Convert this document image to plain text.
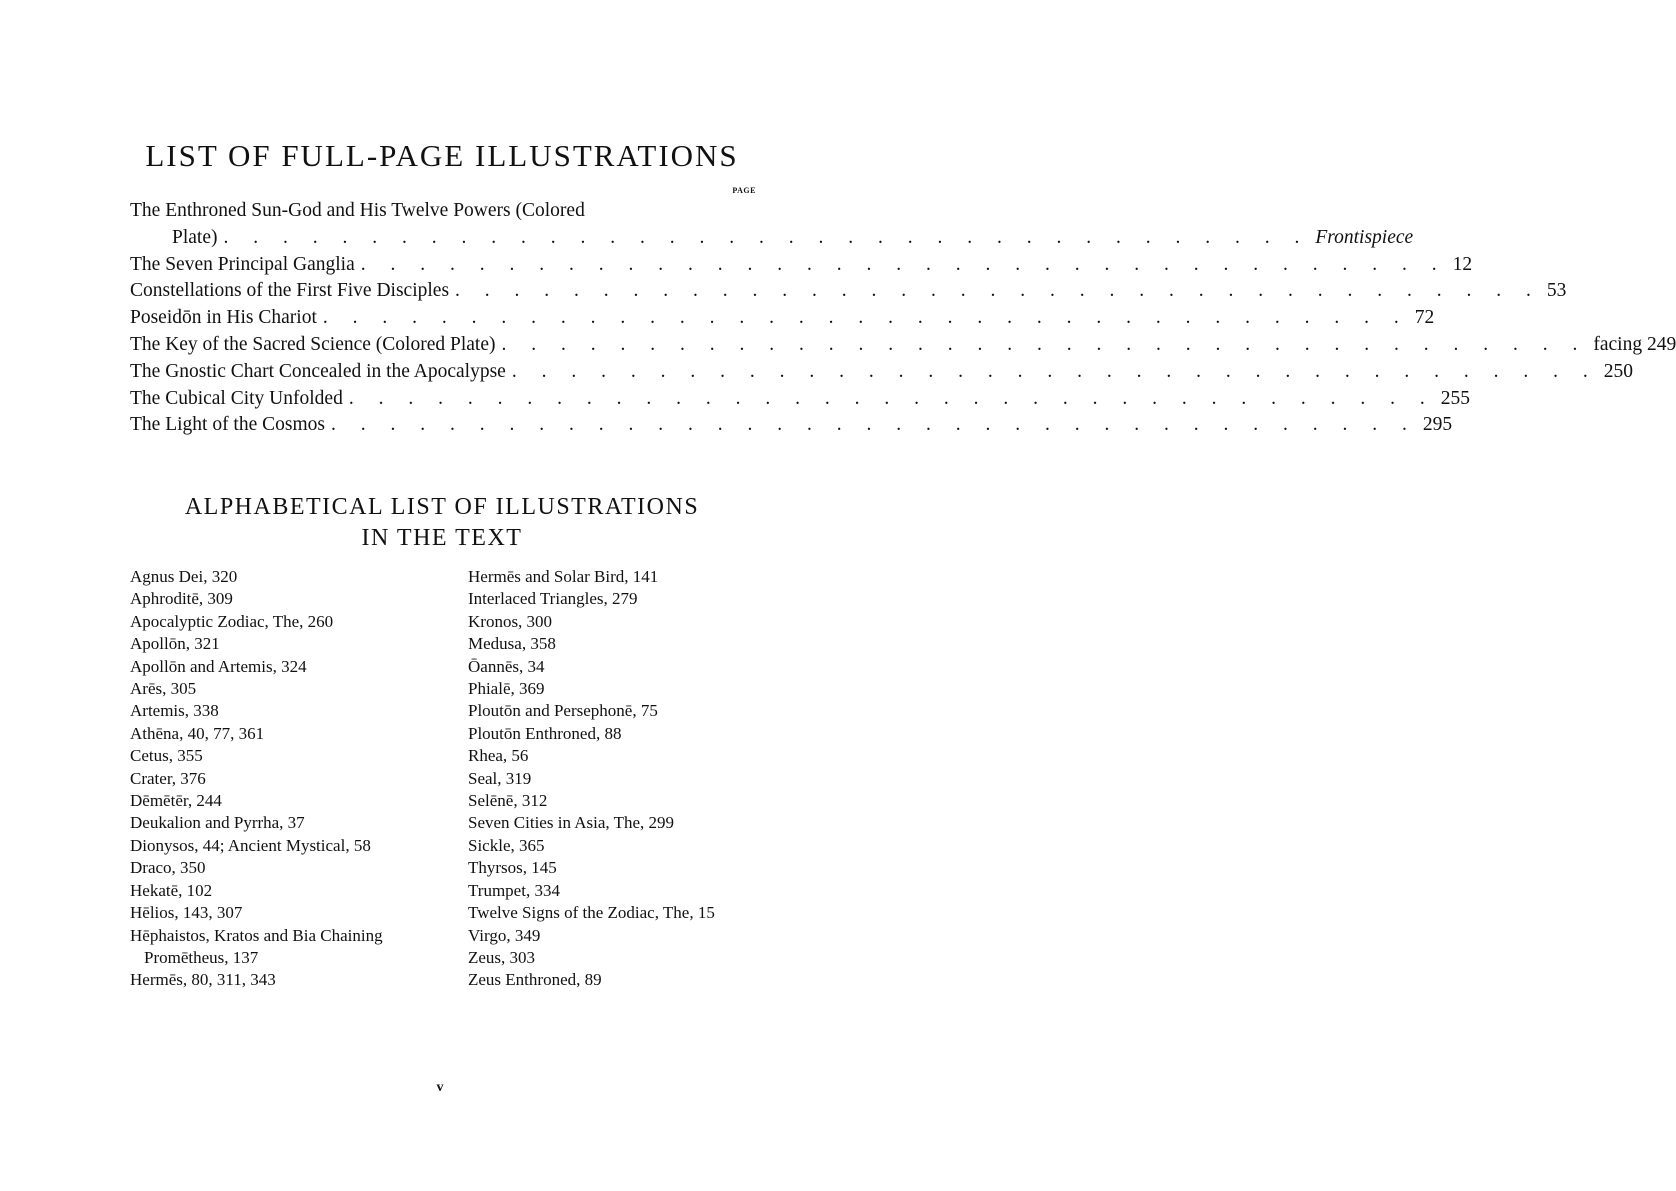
LIST OF FULL-PAGE ILLUSTRATIONS
PAGE
The Enthroned Sun-God and His Twelve Powers (Colored
Plate) . . . . . . . . . . . . . . . . . . . . . . . . . . . . . . . . . . . . . Frontispiece
The Seven Principal Ganglia . . . . . . . . . . . . . . . . . . . . . . . . . . . . . . . . . . . . . 12
Constellations of the First Five Disciples . . . . . . . . . . . . . . . . . . . . . . . . . . . . . . . . . . . . . 53
Poseidōn in His Chariot . . . . . . . . . . . . . . . . . . . . . . . . . . . . . . . . . . . . . 72
The Key of the Sacred Science (Colored Plate) . . . . . . . . . . . . . . . . . . . . . . . . . . . . . . . . . . . . . facing 249
The Gnostic Chart Concealed in the Apocalypse . . . . . . . . . . . . . . . . . . . . . . . . . . . . . . . . . . . . . 250
The Cubical City Unfolded . . . . . . . . . . . . . . . . . . . . . . . . . . . . . . . . . . . . . 255
The Light of the Cosmos . . . . . . . . . . . . . . . . . . . . . . . . . . . . . . . . . . . . . 295
ALPHABETICAL LIST OF ILLUSTRATIONS
IN THE TEXT
Agnus Dei, 320
Aphroditē, 309
Apocalyptic Zodiac, The, 260
Apollōn, 321
Apollōn and Artemis, 324
Arēs, 305
Artemis, 338
Athēna, 40, 77, 361
Cetus, 355
Crater, 376
Dēmētēr, 244
Deukalion and Pyrrha, 37
Dionysos, 44; Ancient Mystical, 58
Draco, 350
Hekatē, 102
Hēlios, 143, 307
Hēphaistos, Kratos and Bia Chaining Promētheus, 137
Hermēs, 80, 311, 343
Hermēs and Solar Bird, 141
Interlaced Triangles, 279
Kronos, 300
Medusa, 358
Ōannēs, 34
Phialē, 369
Ploutōn and Persephonē, 75
Ploutōn Enthroned, 88
Rhea, 56
Seal, 319
Selēnē, 312
Seven Cities in Asia, The, 299
Sickle, 365
Thyrsos, 145
Trumpet, 334
Twelve Signs of the Zodiac, The, 15
Virgo, 349
Zeus, 303
Zeus Enthroned, 89
v
